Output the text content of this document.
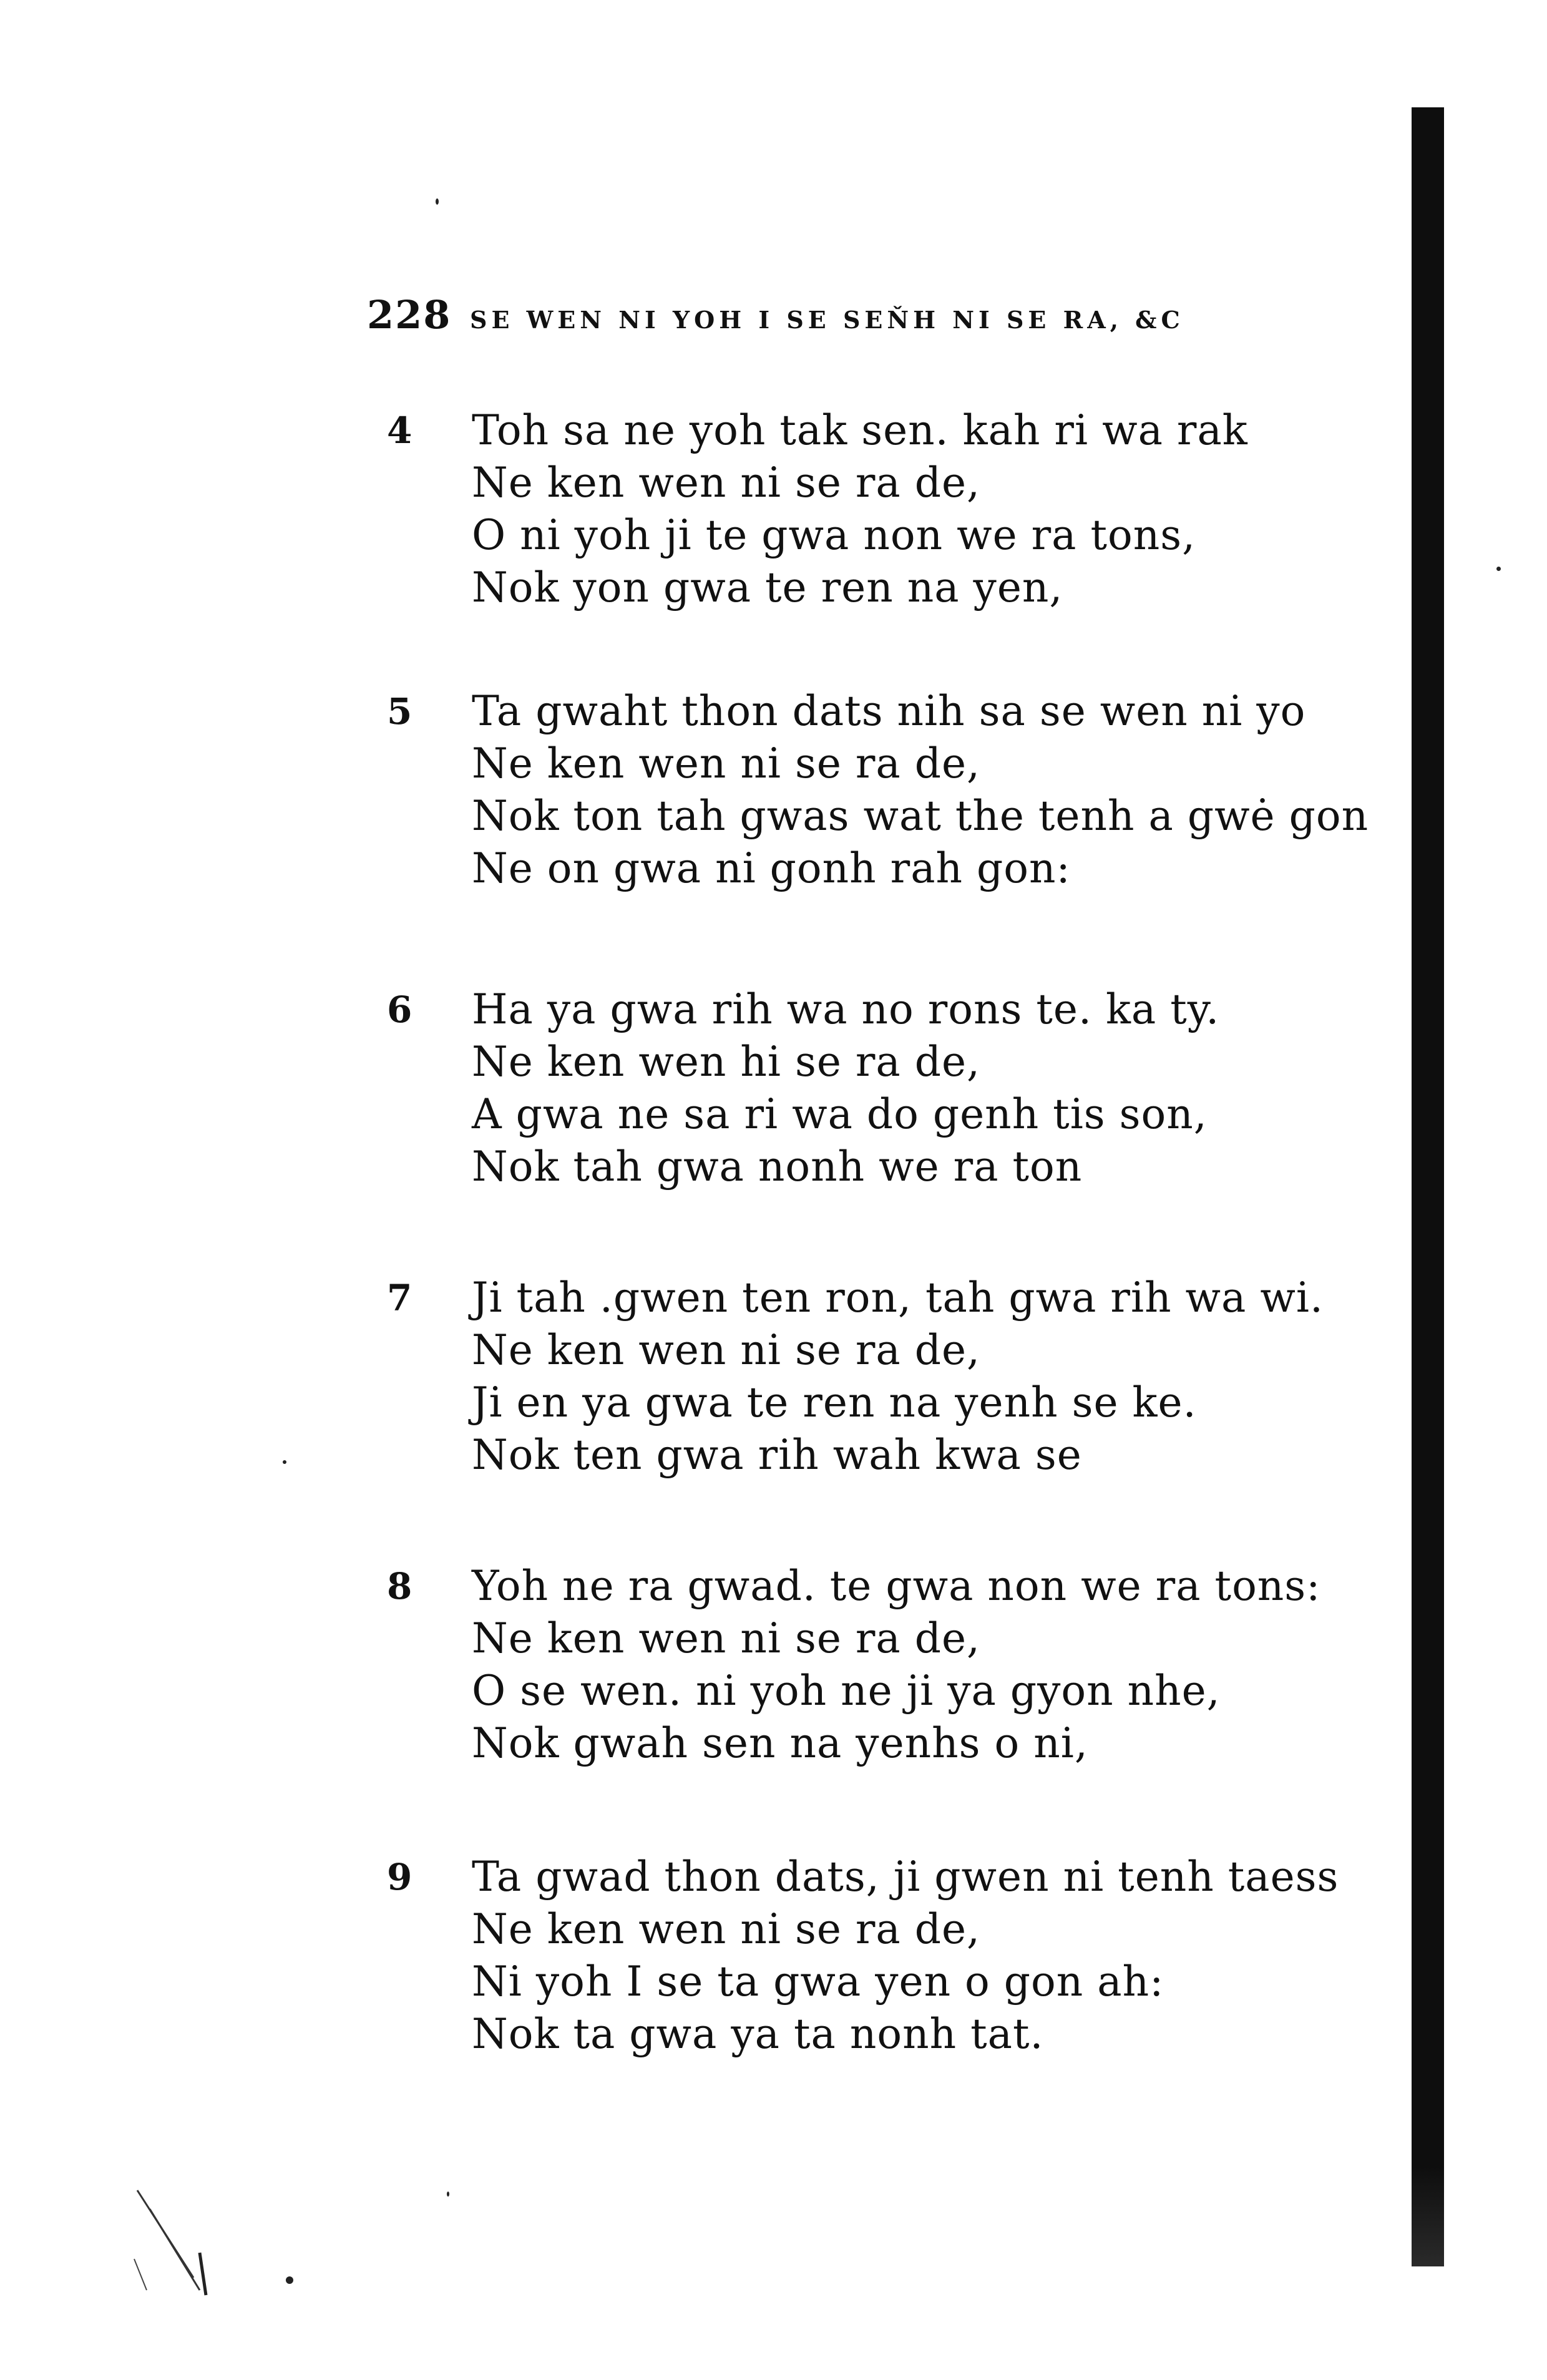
228 SE WEN NI YOH I SE SEŇH NI SE RA, &C
4 Toh sa ne yoh tak sen. kah ri wa rak
Ne ken wen ni se ra de,
O ni yoh ji te gwa non we ra tons,
Nok yon gwa te ren na yen,
5 Ta gwaht thon dats nih sa se wen ni yo
Ne ken wen ni se ra de,
Nok ton tah gwas wat the tenh a gwė gon
Ne on gwa ni gonh rah gon:
6 Ha ya gwa rih wa no rons te. ka ty.
Ne ken wen hi se ra de,
A gwa ne sa ri wa do genh tis son,
Nok tah gwa nonh we ra ton
7 Ji tah .gwen ten ron, tah gwa rih wa wi.
Ne ken wen ni se ra de,
Ji en ya gwa te ren na yenh se ke.
Nok ten gwa rih wah kwa se
8 Yoh ne ra gwad. te gwa non we ra tons:
Ne ken wen ni se ra de,
O se wen. ni yoh ne ji ya gyon nhe,
Nok gwah sen na yenhs o ni,
9 Ta gwad thon dats, ji gwen ni tenh taess
Ne ken wen ni se ra de,
Ni yoh I se ta gwa yen o gon ah:
Nok ta gwa ya ta nonh tat.
